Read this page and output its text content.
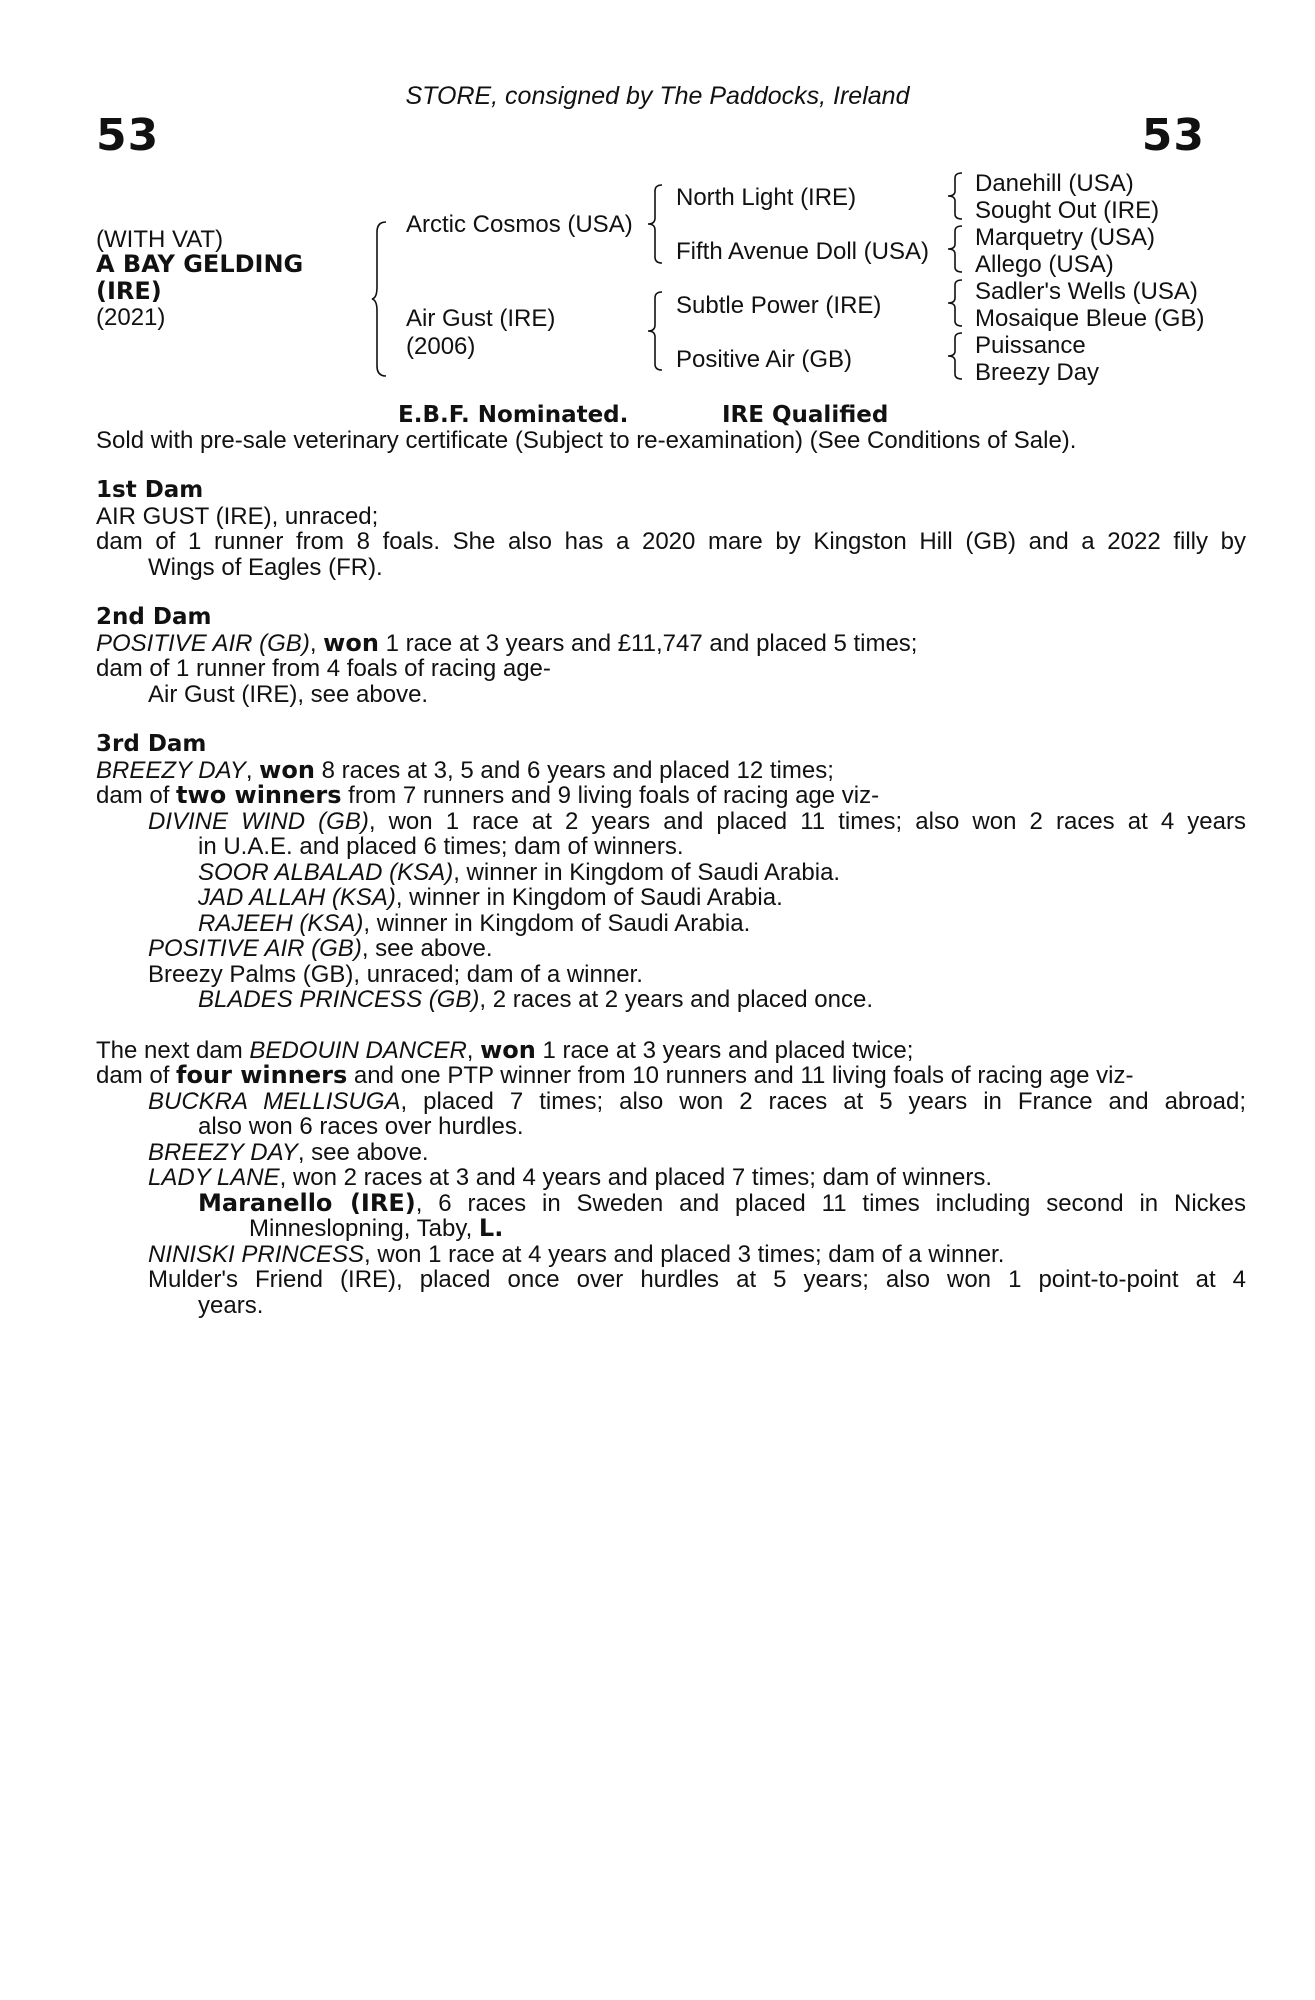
STORE, consigned by The Paddocks, Ireland
53	53
(WITH VAT)
A BAY GELDING
(IRE)
(2021)
Arctic Cosmos (USA)
Air Gust (IRE)
(2006)
North Light (IRE)
Fifth Avenue Doll (USA)
Subtle Power (IRE)
Positive Air (GB)
Danehill (USA)
Sought Out (IRE)
Marquetry (USA)
Allego (USA)
Sadler's Wells (USA)
Mosaique Bleue (GB)
Puissance
Breezy Day
E.B.F. Nominated.	IRE Qualified
Sold with pre-sale veterinary certificate (Subject to re-examination) (See Conditions of Sale).
1st Dam
AIR GUST (IRE), unraced;
dam of 1 runner from 8 foals. She also has a 2020 mare by Kingston Hill (GB) and a 2022 filly by
Wings of Eagles (FR).
2nd Dam
POSITIVE AIR (GB), won 1 race at 3 years and £11,747 and placed 5 times;
dam of 1 runner from 4 foals of racing age-
Air Gust (IRE), see above.
3rd Dam
BREEZY DAY, won 8 races at 3, 5 and 6 years and placed 12 times;
dam of two winners from 7 runners and 9 living foals of racing age viz-
DIVINE WIND (GB), won 1 race at 2 years and placed 11 times; also won 2 races at 4 years
in U.A.E. and placed 6 times; dam of winners.
SOOR ALBALAD (KSA), winner in Kingdom of Saudi Arabia.
JAD ALLAH (KSA), winner in Kingdom of Saudi Arabia.
RAJEEH (KSA), winner in Kingdom of Saudi Arabia.
POSITIVE AIR (GB), see above.
Breezy Palms (GB), unraced; dam of a winner.
BLADES PRINCESS (GB), 2 races at 2 years and placed once.
The next dam BEDOUIN DANCER, won 1 race at 3 years and placed twice;
dam of four winners and one PTP winner from 10 runners and 11 living foals of racing age viz-
BUCKRA MELLISUGA, placed 7 times; also won 2 races at 5 years in France and abroad;
also won 6 races over hurdles.
BREEZY DAY, see above.
LADY LANE, won 2 races at 3 and 4 years and placed 7 times; dam of winners.
Maranello (IRE), 6 races in Sweden and placed 11 times including second in Nickes
Minneslopning, Taby, L.
NINISKI PRINCESS, won 1 race at 4 years and placed 3 times; dam of a winner.
Mulder's Friend (IRE), placed once over hurdles at 5 years; also won 1 point-to-point at 4
years.
